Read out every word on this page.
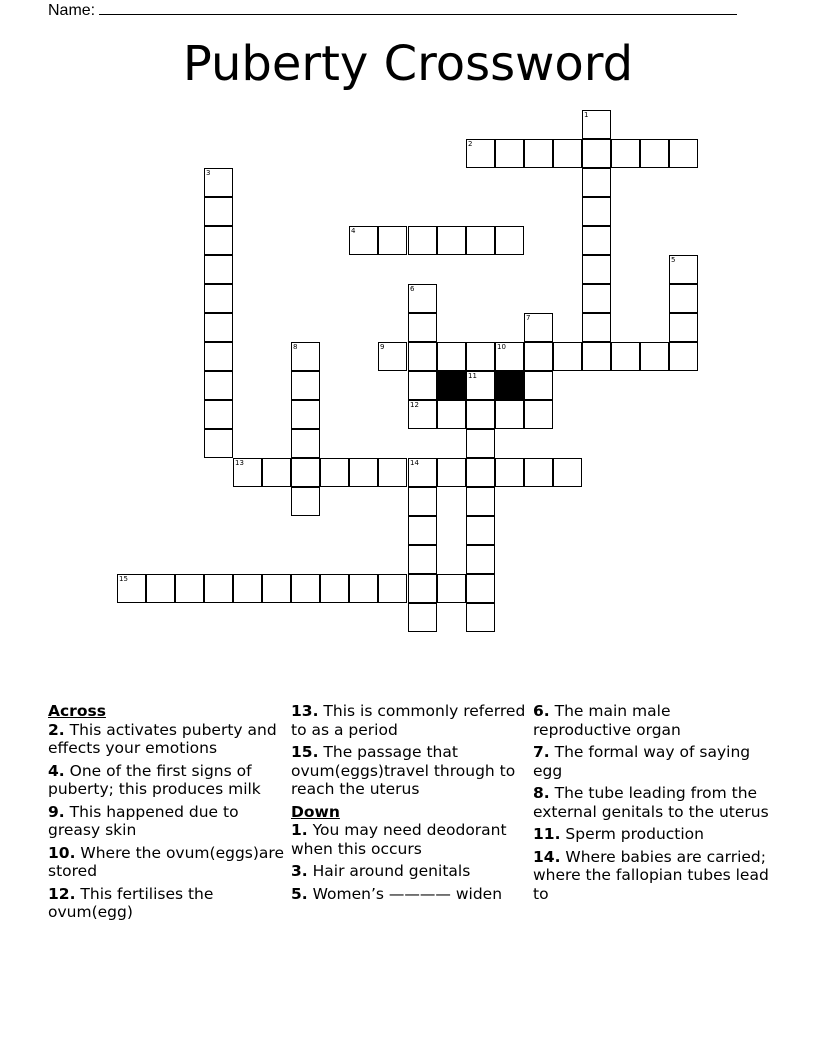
Name:
Puberty Crossword
1
2
3
4
5
6
7
8	9	10
11
12
13	14
15
Across
2. This activates puberty and effects your emotions
4. One of the first signs of puberty; this produces milk
9. This happened due to greasy skin
10. Where the ovum(eggs)are stored
12. This fertilises the ovum(egg)
13. This is commonly referred to as a period
15. The passage that ovum(eggs)travel through to reach the uterus
Down
1. You may need deodorant when this occurs
3. Hair around genitals
5. Women’s ———— widen
6. The main male reproductive organ
7. The formal way of saying egg
8. The tube leading from the external genitals to the uterus
11. Sperm production
14. Where babies are carried; where the fallopian tubes lead to
